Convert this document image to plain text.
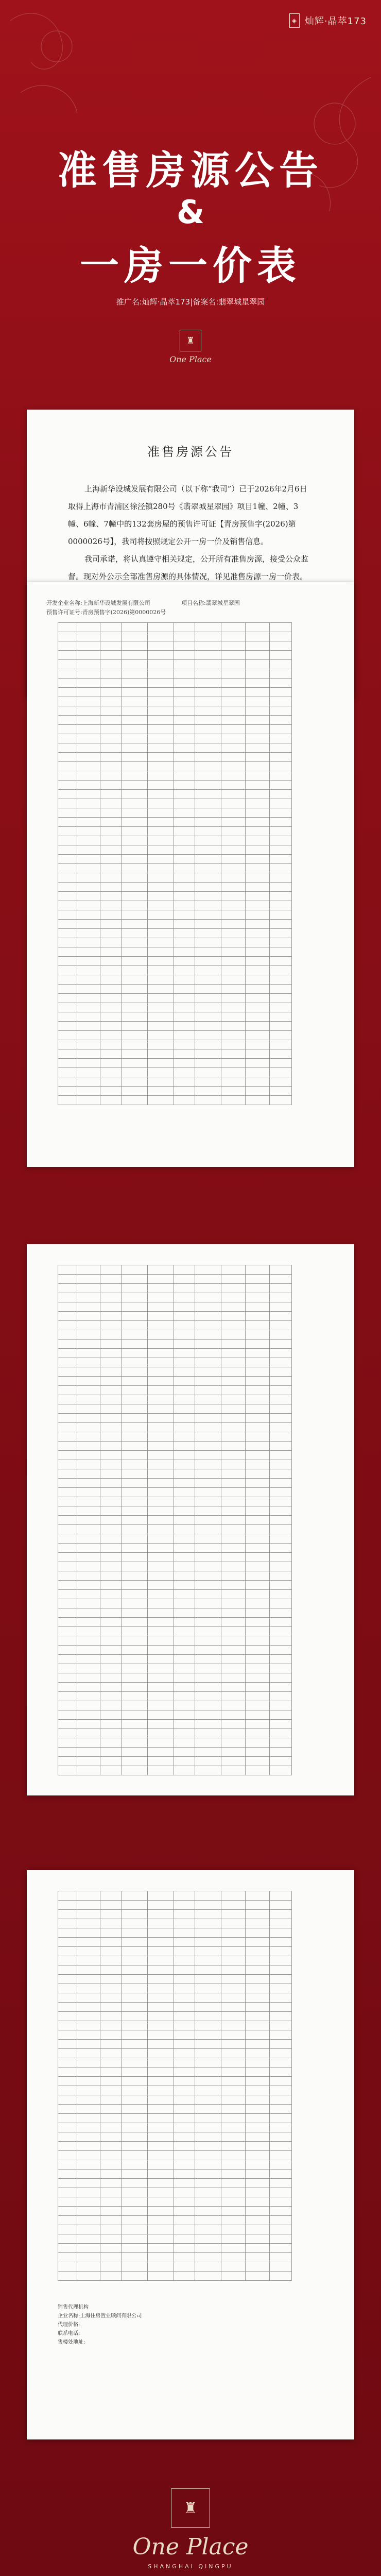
◈ 灿辉·晶萃173
准售房源公告
&
一房一价表
推广名:灿辉·晶萃173|备案名:翡翠城星翠园
♜
One Place
准售房源公告
上海新华设城发展有限公司（以下称“我司”）已于2026年2月6日取得上海市青浦区徐泾镇280号《翡翠城星翠园》项目1幢、2幢、3幢、6幢、7幢中的132套房屋的预售许可证【青房预售字(2026)第0000026号】，我司将按照规定公开一房一价及销售信息。
我司承诺，将认真遵守相关规定，公开所有准售房源，接受公众监督。现对外公示全部准售房源的具体情况，详见准售房源一房一价表。
开发企业名称:上海新华设城发展有限公司
预售许可证号:青房预售字(2026)第0000026号
项目名称:翡翠城星翠园

销售代理机构
企业名称:上海住房置业顾问有限公司
代理价格:
联系电话:
售楼处地址:
♜
One Place
SHANGHAI QINGPU
